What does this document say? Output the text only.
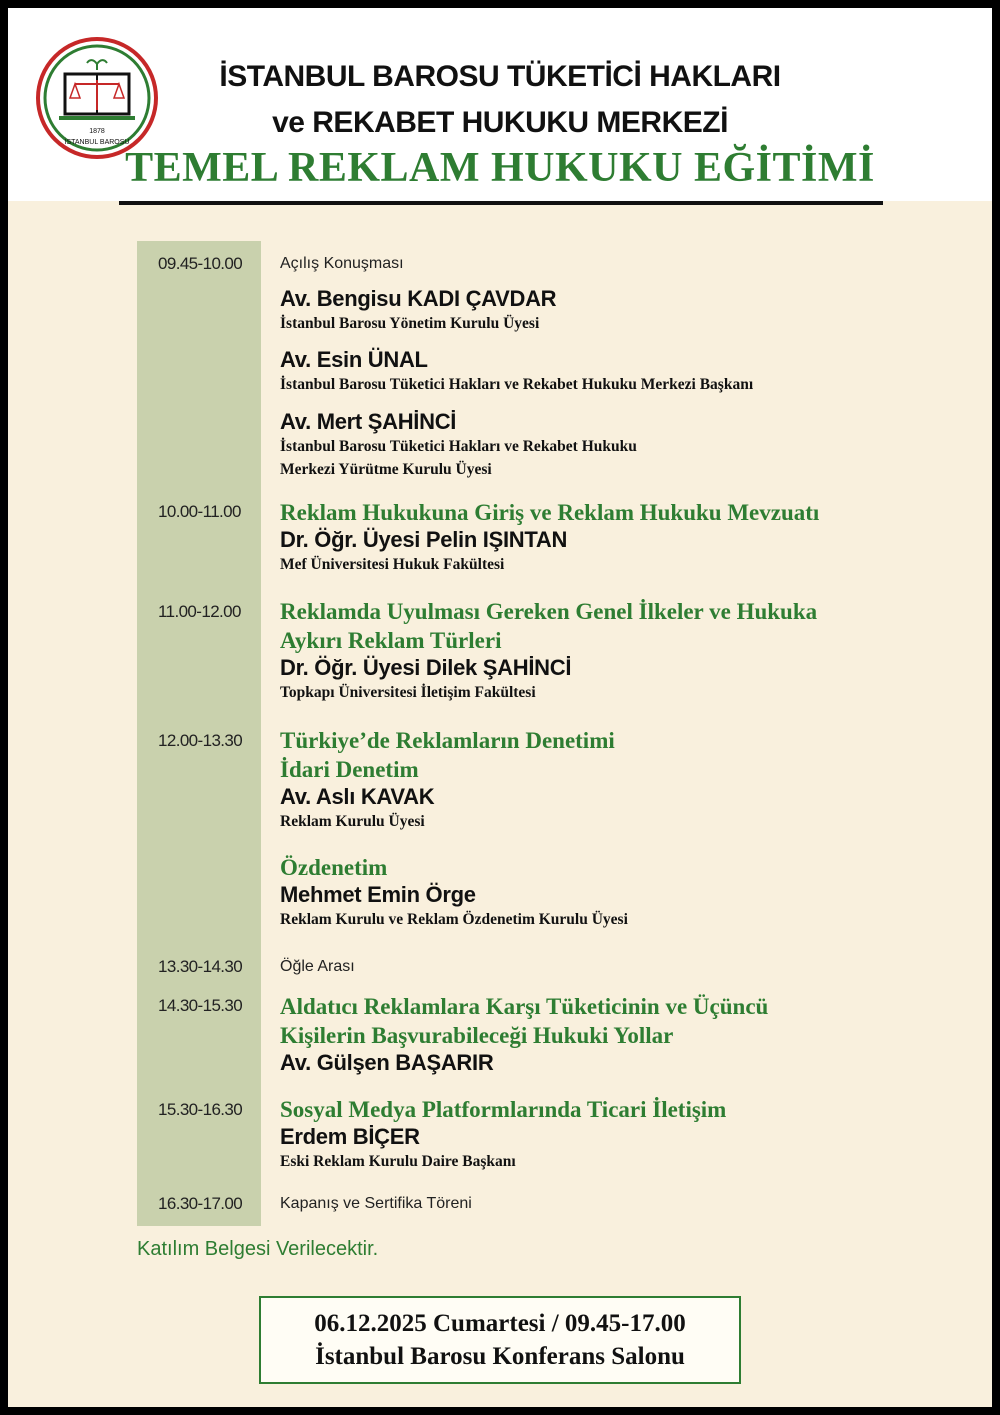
1878
İSTANBUL BAROSU
İSTANBUL BAROSU TÜKETİCİ HAKLARI
ve REKABET HUKUKU MERKEZİ
TEMEL REKLAM HUKUKU EĞİTİMİ
09.45-10.00 Açılış Konuşması
Av. Bengisu KADI ÇAVDAR
İstanbul Barosu Yönetim Kurulu Üyesi
Av. Esin ÜNAL
İstanbul Barosu Tüketici Hakları ve Rekabet Hukuku Merkezi Başkanı
Av. Mert ŞAHİNCİ
İstanbul Barosu Tüketici Hakları ve Rekabet Hukuku
Merkezi Yürütme Kurulu Üyesi
10.00-11.00 Reklam Hukukuna Giriş ve Reklam Hukuku Mevzuatı
Dr. Öğr. Üyesi Pelin IŞINTAN
Mef Üniversitesi Hukuk Fakültesi
11.00-12.00 Reklamda Uyulması Gereken Genel İlkeler ve Hukuka
Aykırı Reklam Türleri
Dr. Öğr. Üyesi Dilek ŞAHİNCİ
Topkapı Üniversitesi İletişim Fakültesi
12.00-13.30 Türkiye’de Reklamların Denetimi
İdari Denetim
Av. Aslı KAVAK
Reklam Kurulu Üyesi
Özdenetim
Mehmet Emin Örge
Reklam Kurulu ve Reklam Özdenetim Kurulu Üyesi
13.30-14.30 Öğle Arası
14.30-15.30 Aldatıcı Reklamlara Karşı Tüketicinin ve Üçüncü
Kişilerin Başvurabileceği Hukuki Yollar
Av. Gülşen BAŞARIR
15.30-16.30 Sosyal Medya Platformlarında Ticari İletişim
Erdem BİÇER
Eski Reklam Kurulu Daire Başkanı
16.30-17.00 Kapanış ve Sertifika Töreni
Katılım Belgesi Verilecektir.
06.12.2025 Cumartesi / 09.45-17.00
İstanbul Barosu Konferans Salonu
